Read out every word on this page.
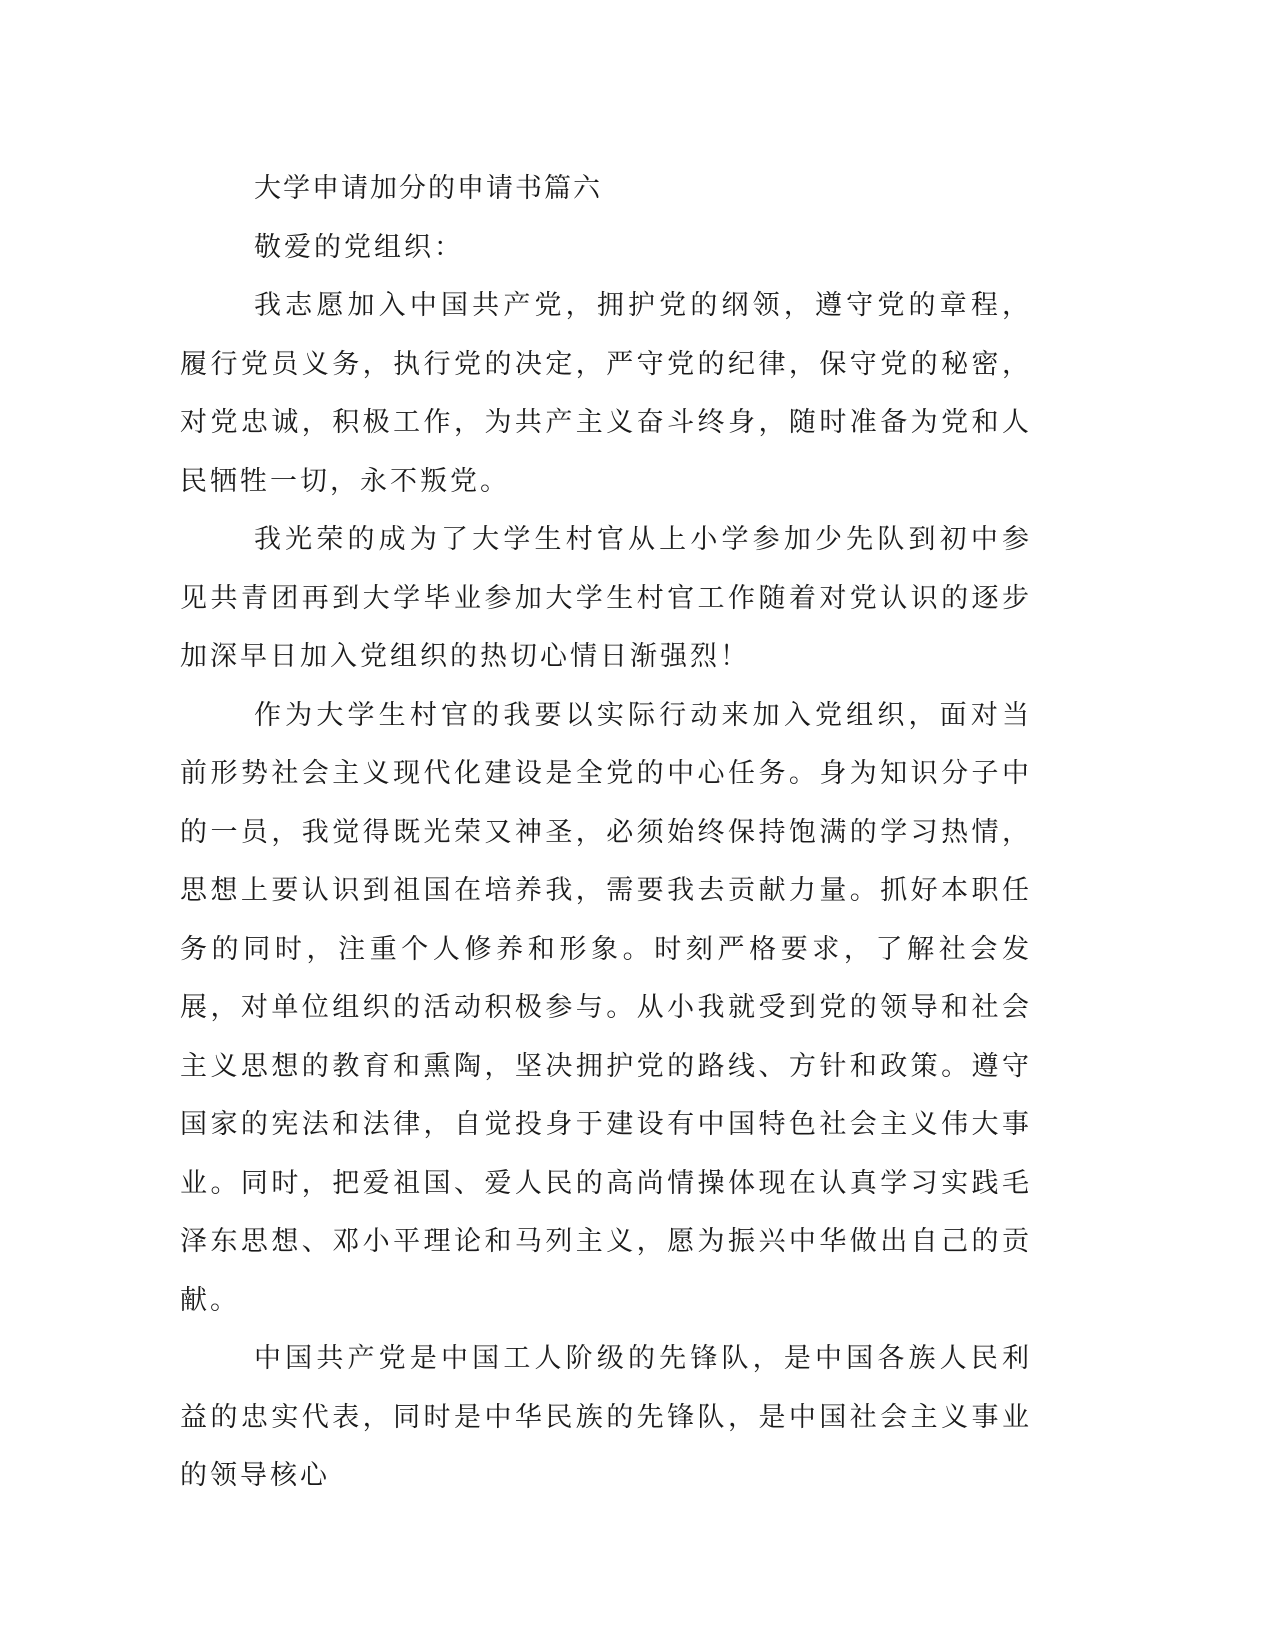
大学申请加分的申请书篇六

敬爱的党组织：

我志愿加入中国共产党，拥护党的纲领，遵守党的章程，履行党员义务，执行党的决定，严守党的纪律，保守党的秘密，对党忠诚，积极工作，为共产主义奋斗终身，随时准备为党和人民牺牲一切，永不叛党。

我光荣的成为了大学生村官从上小学参加少先队到初中参见共青团再到大学毕业参加大学生村官工作随着对党认识的逐步加深早日加入党组织的热切心情日渐强烈！

作为大学生村官的我要以实际行动来加入党组织，面对当前形势社会主义现代化建设是全党的中心任务。身为知识分子中的一员，我觉得既光荣又神圣，必须始终保持饱满的学习热情，思想上要认识到祖国在培养我，需要我去贡献力量。抓好本职任务的同时，注重个人修养和形象。时刻严格要求，了解社会发展，对单位组织的活动积极参与。从小我就受到党的领导和社会主义思想的教育和熏陶，坚决拥护党的路线、方针和政策。遵守国家的宪法和法律，自觉投身于建设有中国特色社会主义伟大事业。同时，把爱祖国、爱人民的高尚情操体现在认真学习实践毛泽东思想、邓小平理论和马列主义，愿为振兴中华做出自己的贡献。

中国共产党是中国工人阶级的先锋队，是中国各族人民利益的忠实代表，同时是中华民族的先锋队，是中国社会主义事业的领导核心
